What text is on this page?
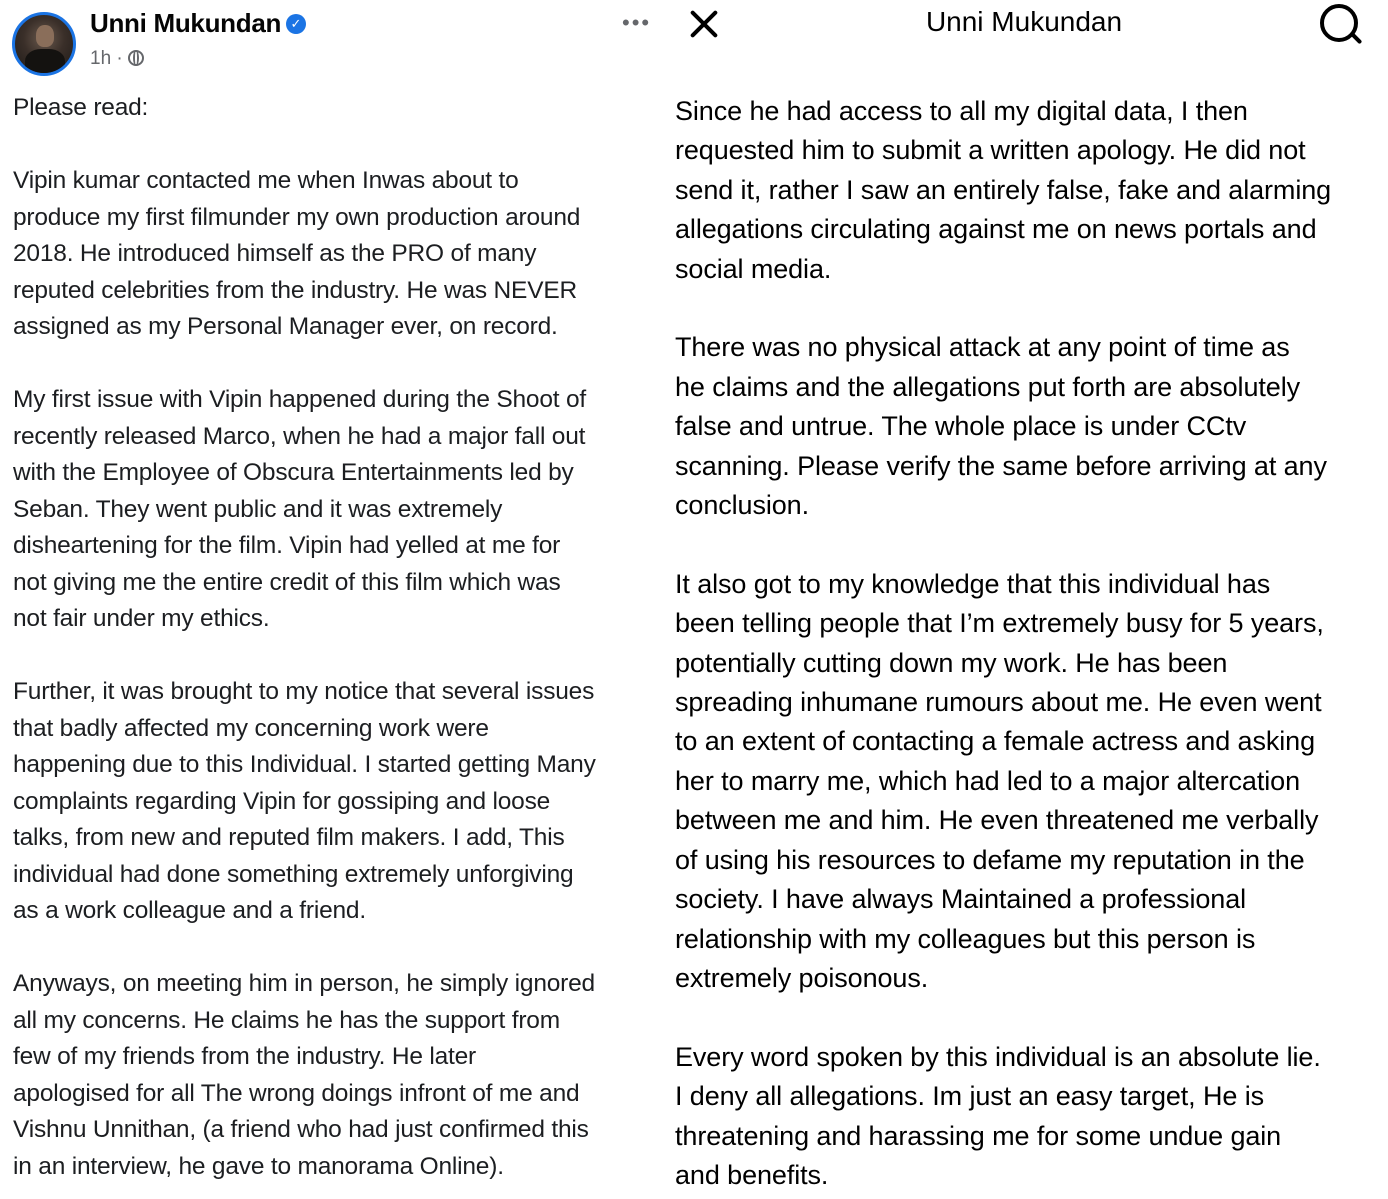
Unni Mukundan ✓
1h ·
•••

Please read:

Vipin kumar contacted me when Inwas about to
produce my first filmunder my own production around
2018. He introduced himself as the PRO of many
reputed celebrities from the industry. He was NEVER
assigned as my Personal Manager ever, on record.

My first issue with Vipin happened during the Shoot of
recently released Marco, when he had a major fall out
with the Employee of Obscura Entertainments led by
Seban. They went public and it was extremely
disheartening for the film. Vipin had yelled at me for
not giving me the entire credit of this film which was
not fair under my ethics.

Further, it was brought to my notice that several issues
that badly affected my concerning work were
happening due to this Individual. I started getting Many
complaints regarding Vipin for gossiping and loose
talks, from new and reputed film makers. I add, This
individual had done something extremely unforgiving
as a work colleague and a friend.

Anyways, on meeting him in person, he simply ignored
all my concerns. He claims he has the support from
few of my friends from the industry. He later
apologised for all The wrong doings infront of me and
Vishnu Unnithan, (a friend who had just confirmed this
in an interview, he gave to manorama Online).

Unni Mukundan

Since he had access to all my digital data, I then
requested him to submit a written apology. He did not
send it, rather I saw an entirely false, fake and alarming
allegations circulating against me on news portals and
social media.

There was no physical attack at any point of time as
he claims and the allegations put forth are absolutely
false and untrue. The whole place is under CCtv
scanning. Please verify the same before arriving at any
conclusion.

It also got to my knowledge that this individual has
been telling people that I’m extremely busy for 5 years,
potentially cutting down my work. He has been
spreading inhumane rumours about me. He even went
to an extent of contacting a female actress and asking
her to marry me, which had led to a major altercation
between me and him. He even threatened me verbally
of using his resources to defame my reputation in the
society. I have always Maintained a professional
relationship with my colleagues but this person is
extremely poisonous.

Every word spoken by this individual is an absolute lie.
I deny all allegations. Im just an easy target, He is
threatening and harassing me for some undue gain
and benefits.
